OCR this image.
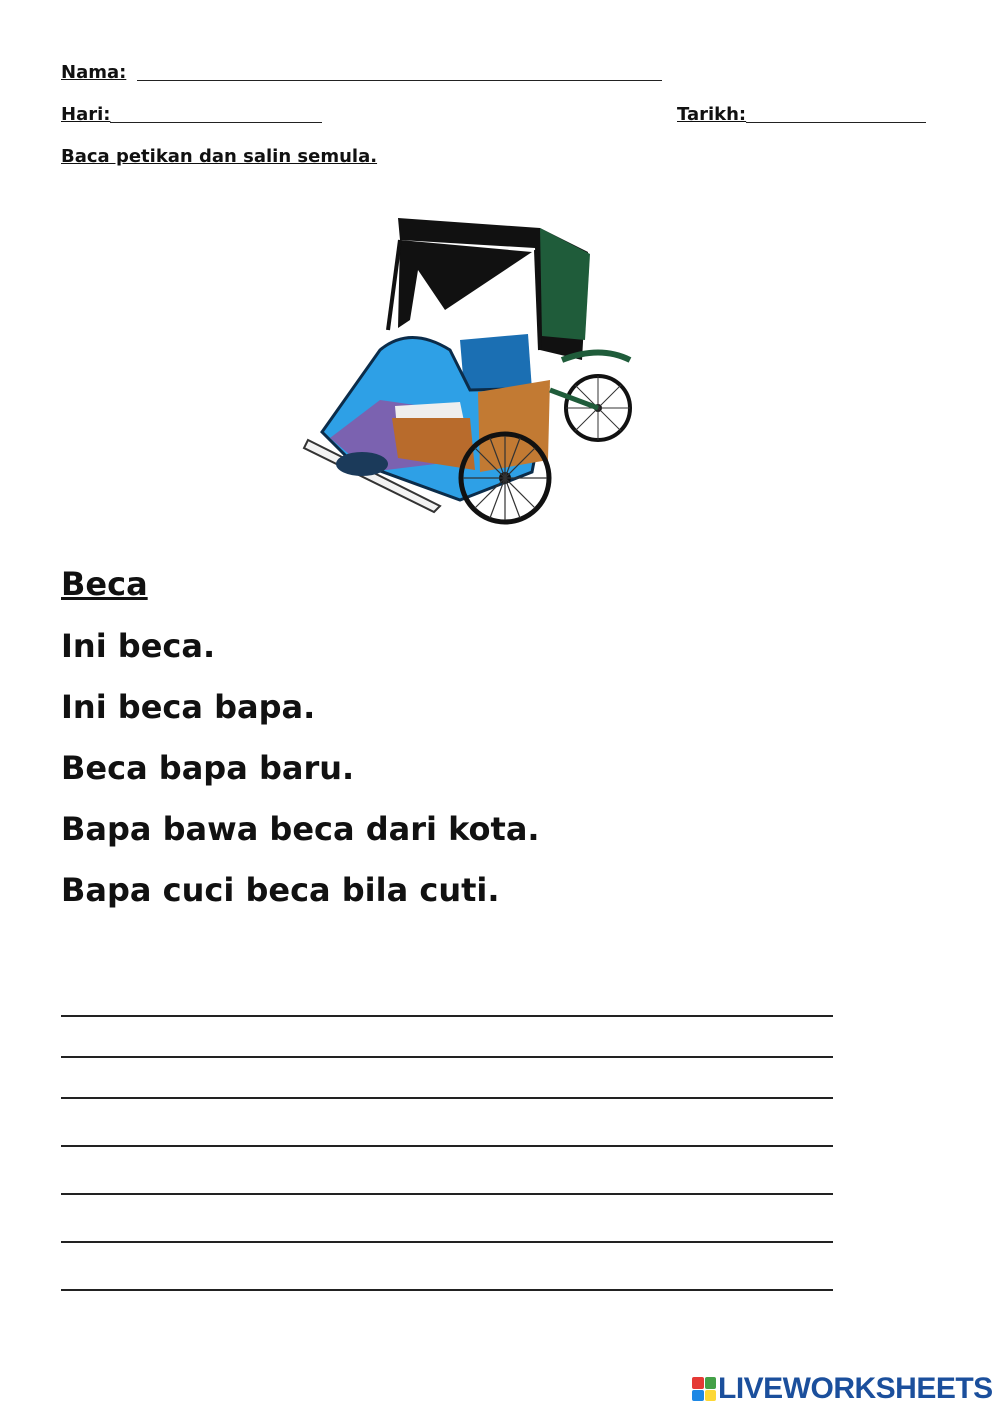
Nama:
Hari:	Tarikh:
Baca petikan dan salin semula.
Beca
Ini beca.
Ini beca bapa.
Beca bapa baru.
Bapa bawa beca dari kota.
Bapa cuci beca bila cuti.
LIVEWORKSHEETS
